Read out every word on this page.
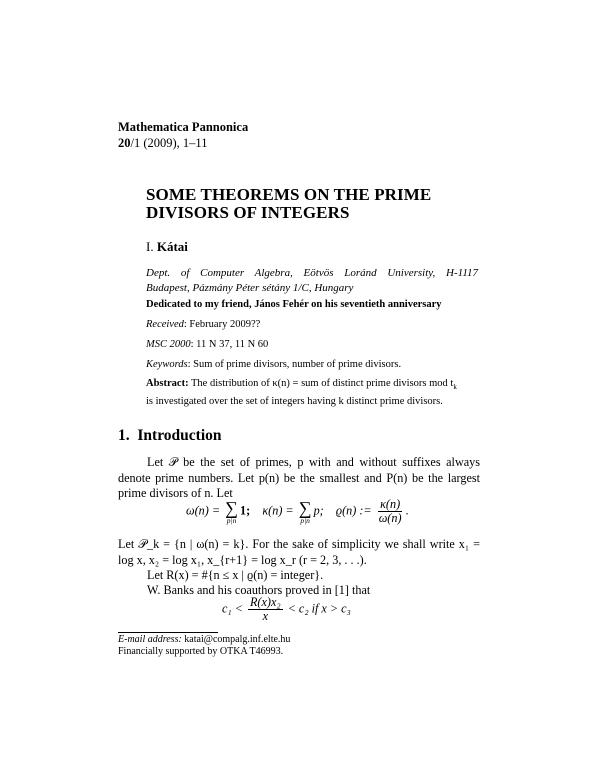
Mathematica Pannonica
20/1 (2009), 1–11
SOME THEOREMS ON THE PRIME
DIVISORS OF INTEGERS
I. Kátai
Dept. of Computer Algebra, Eötvös Loránd University, H-1117
Budapest, Pázmány Péter sétány 1/C, Hungary
Dedicated to my friend, János Fehér on his seventieth anniversary
Received: February 2009??
MSC 2000: 11 N 37, 11 N 60
Keywords: Sum of prime divisors, number of prime divisors.
Abstract: The distribution of κ(n) = sum of distinct prime divisors mod $t_k$
is investigated over the set of integers having k distinct prime divisors.
1. Introduction
Let 𝒫 be the set of primes, p with and without suffixes always denote prime numbers. Let p(n) be the smallest and P(n) be the largest prime divisors of n. Let
ω(n) = ∑
p|n
1; κ(n) = ∑
p|n
p; ϱ(n) := $\frac{\kappa(n)}{\omega(n)}$ .
Let 𝒫_k = {n | ω(n) = k}. For the sake of simplicity we shall write x₁ = log x, x₂ = log x₁, x_{r+1} = log x_r (r = 2, 3, . . .).
Let R(x) = #{n ≤ x | ϱ(n) = integer}.
W. Banks and his coauthors proved in [1] that
$c_1 < \frac{\text{R(x)x₂}}{x} < c_2$ if x > c₃
E-mail address: katai@compalg.inf.elte.hu
Financially supported by OTKA T46993.
